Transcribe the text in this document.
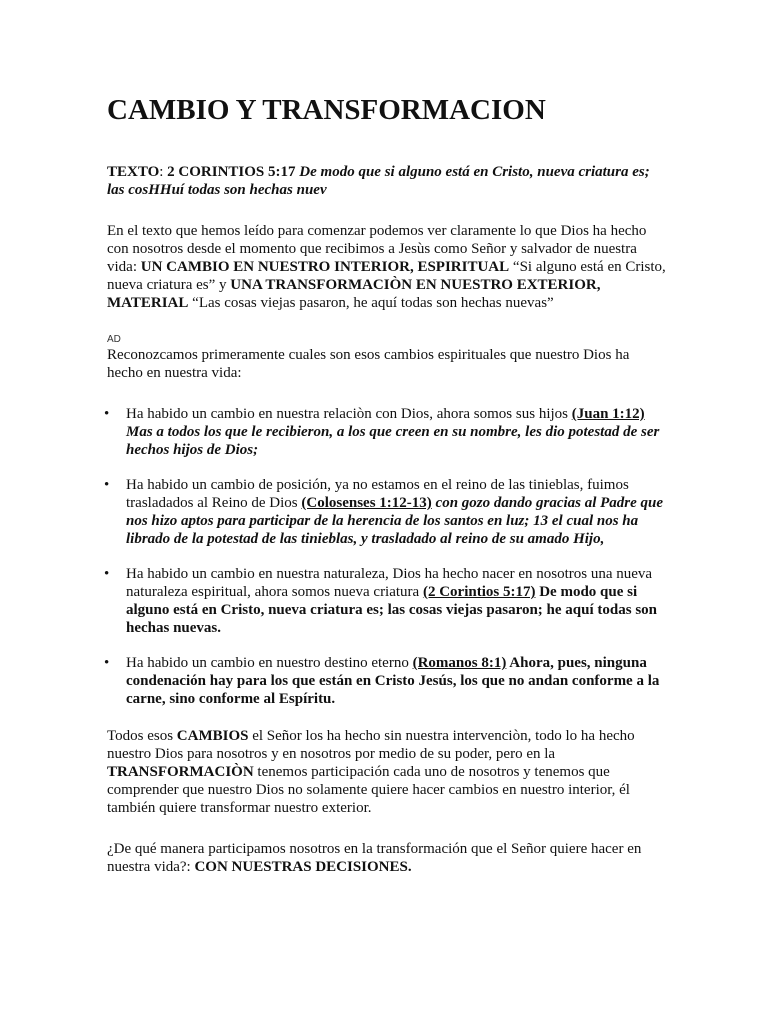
CAMBIO Y TRANSFORMACION

TEXTO: 2 CORINTIOS 5:17 De modo que si alguno está en Cristo, nueva criatura es; las cosHHuí todas son hechas nuev

En el texto que hemos leído para comenzar podemos ver claramente lo que Dios ha hecho con nosotros desde el momento que recibimos a Jesùs como Señor y salvador de nuestra vida: UN CAMBIO EN NUESTRO INTERIOR, ESPIRITUAL “Si alguno está en Cristo, nueva criatura es” y UNA TRANSFORMACIÒN EN NUESTRO EXTERIOR, MATERIAL “Las cosas viejas pasaron, he aquí todas son hechas nuevas”

AD

Reconozcamos primeramente cuales son esos cambios espirituales que nuestro Dios ha hecho en nuestra vida:

• Ha habido un cambio en nuestra relaciòn con Dios, ahora somos sus hijos (Juan 1:12) Mas a todos los que le recibieron, a los que creen en su nombre, les dio potestad de ser hechos hijos de Dios;
• Ha habido un cambio de posición, ya no estamos en el reino de las tinieblas, fuimos trasladados al Reino de Dios (Colosenses 1:12-13) con gozo dando gracias al Padre que nos hizo aptos para participar de la herencia de los santos en luz; 13 el cual nos ha librado de la potestad de las tinieblas, y trasladado al reino de su amado Hijo,
• Ha habido un cambio en nuestra naturaleza, Dios ha hecho nacer en nosotros una nueva naturaleza espiritual, ahora somos nueva criatura (2 Corintios 5:17) De modo que si alguno está en Cristo, nueva criatura es; las cosas viejas pasaron; he aquí todas son hechas nuevas.
• Ha habido un cambio en nuestro destino eterno (Romanos 8:1) Ahora, pues, ninguna condenación hay para los que están en Cristo Jesús, los que no andan conforme a la carne, sino conforme al Espíritu.

Todos esos CAMBIOS el Señor los ha hecho sin nuestra intervenciòn, todo lo ha hecho nuestro Dios para nosotros y en nosotros por medio de su poder, pero en la TRANSFORMACIÒN tenemos participación cada uno de nosotros y tenemos que comprender que nuestro Dios no solamente quiere hacer cambios en nuestro interior, él también quiere transformar nuestro exterior.

¿De qué manera participamos nosotros en la transformación que el Señor quiere hacer en nuestra vida?: CON NUESTRAS DECISIONES.
